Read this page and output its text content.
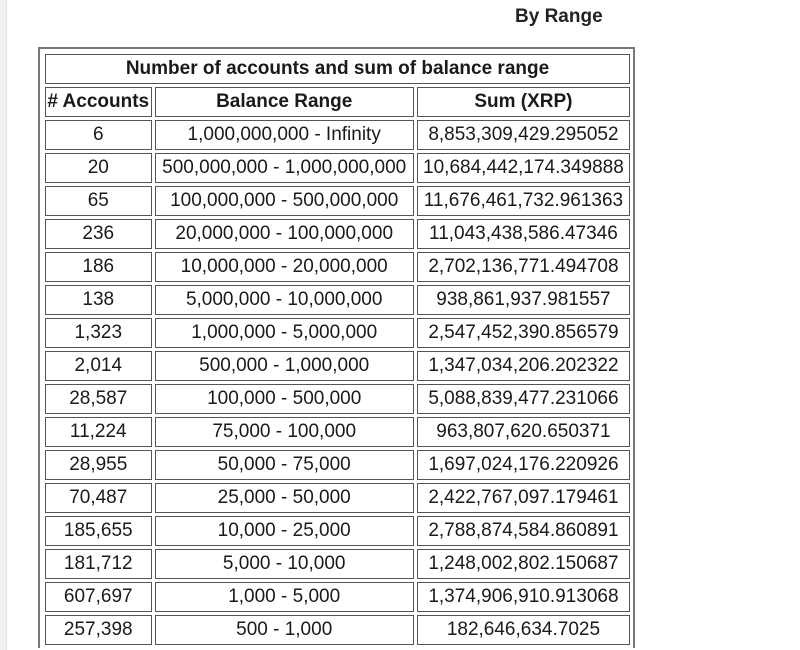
By Range
Number of accounts and sum of balance range		
# Accounts	Balance Range	Sum (XRP)
6	1,000,000,000 - Infinity	8,853,309,429.295052
20	500,000,000 - 1,000,000,000	10,684,442,174.349888
65	100,000,000 - 500,000,000	11,676,461,732.961363
236	20,000,000 - 100,000,000	11,043,438,586.47346
186	10,000,000 - 20,000,000	2,702,136,771.494708
138	5,000,000 - 10,000,000	938,861,937.981557
1,323	1,000,000 - 5,000,000	2,547,452,390.856579
2,014	500,000 - 1,000,000	1,347,034,206.202322
28,587	100,000 - 500,000	5,088,839,477.231066
11,224	75,000 - 100,000	963,807,620.650371
28,955	50,000 - 75,000	1,697,024,176.220926
70,487	25,000 - 50,000	2,422,767,097.179461
185,655	10,000 - 25,000	2,788,874,584.860891
181,712	5,000 - 10,000	1,248,002,802.150687
607,697	1,000 - 5,000	1,374,906,910.913068
257,398	500 - 1,000	182,646,634.7025
